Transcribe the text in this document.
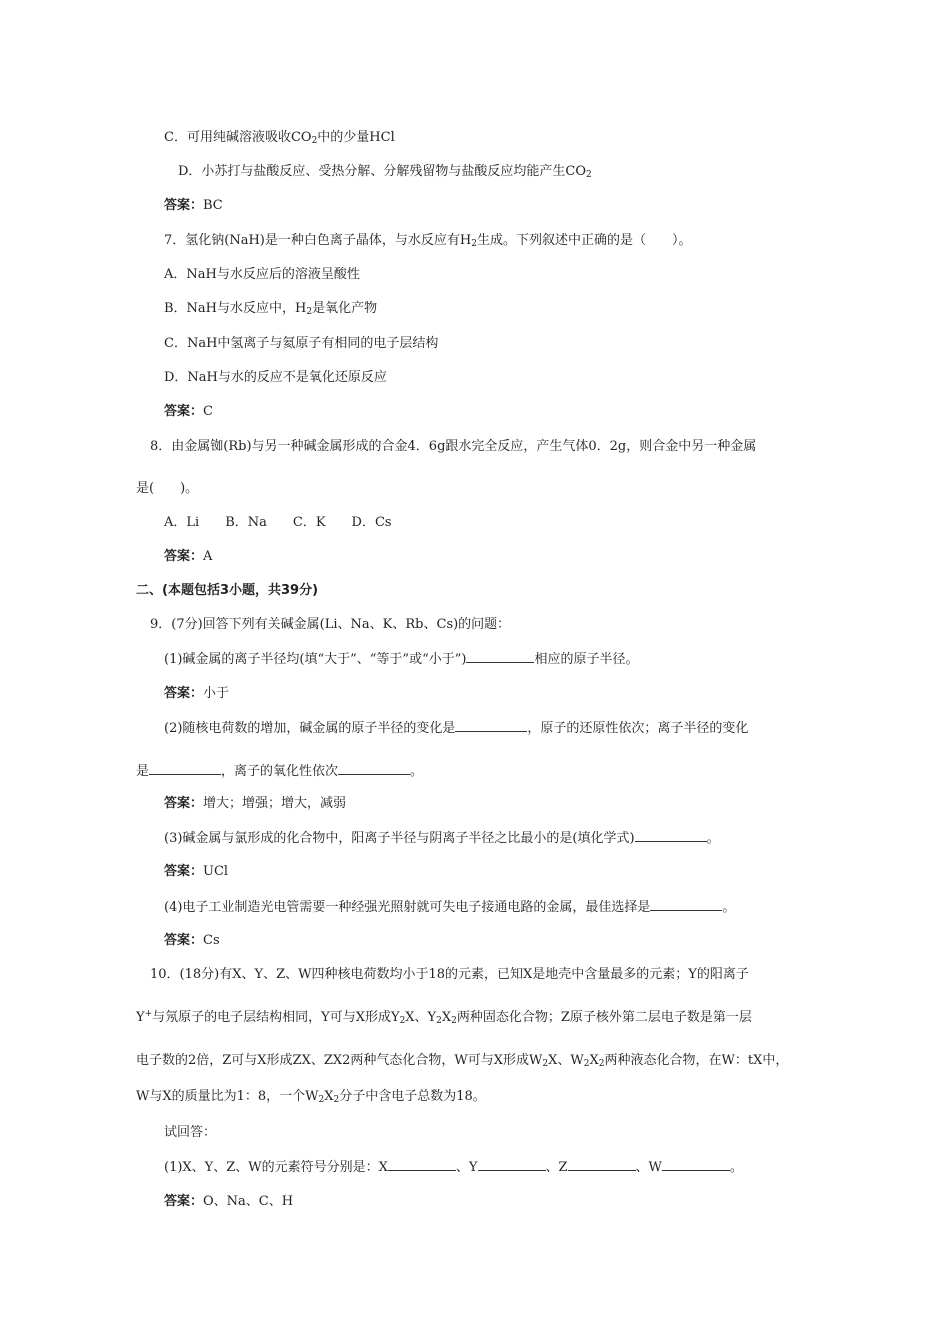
C．可用纯碱溶液吸收$CO_2$中的少量HCl
D．小苏打与盐酸反应、受热分解、分解残留物与盐酸反应均能产生$CO_2$
答案：BC
7．氢化钠(NaH)是一种白色离子晶体，与水反应有$H_2$生成。下列叙述中正确的是（　　）。
A．NaH与水反应后的溶液呈酸性
B．NaH与水反应中，$H_2$是氧化产物
C．NaH中氢离子与氦原子有相同的电子层结构
D．NaH与水的反应不是氧化还原反应
答案：C
8．由金属铷(Rb)与另一种碱金属形成的合金4．6g跟水完全反应，产生气体0．2g，则合金中另一种金属
是(　　)。
A．Li B．Na C．K D．Cs
答案：A
二、(本题包括3小题，共39分)
9．(7分)回答下列有关碱金属(Li、Na、K、Rb、Cs)的问题：
(1)碱金属的离子半径均(填“大于”、“等于”或“小于”)	相应的原子半径。
答案：小于
(2)随核电荷数的增加，碱金属的原子半径的变化是	，原子的还原性依次；离子半径的变化
是	，离子的氧化性依次	。
答案：增大；增强；增大，减弱
(3)碱金属与氯形成的化合物中，阳离子半径与阴离子半径之比最小的是(填化学式)	。
答案：UCl
(4)电子工业制造光电管需要一种经强光照射就可失电子接通电路的金属，最佳选择是	。
答案：Cs
10．(18分)有X、Y、Z、W四种核电荷数均小于18的元素，已知X是地壳中含量最多的元素；Y的阳离子
Y+与氖原子的电子层结构相同，Y可与X形成$Y_2X$、$Y_2X_2$两种固态化合物；Z原子核外第二层电子数是第一层
电子数的2倍，Z可与X形成ZX、ZX2两种气态化合物，W可与X形成$W_2X$、$W_2X_2$两种液态化合物，在W：tX中，
W与X的质量比为1：8，一个$W_2X_2$分子中含电子总数为18。
试回答：
(1)X、Y、Z、W的元素符号分别是：X	、Y	、Z	、W	。
答案：O、Na、C、H
